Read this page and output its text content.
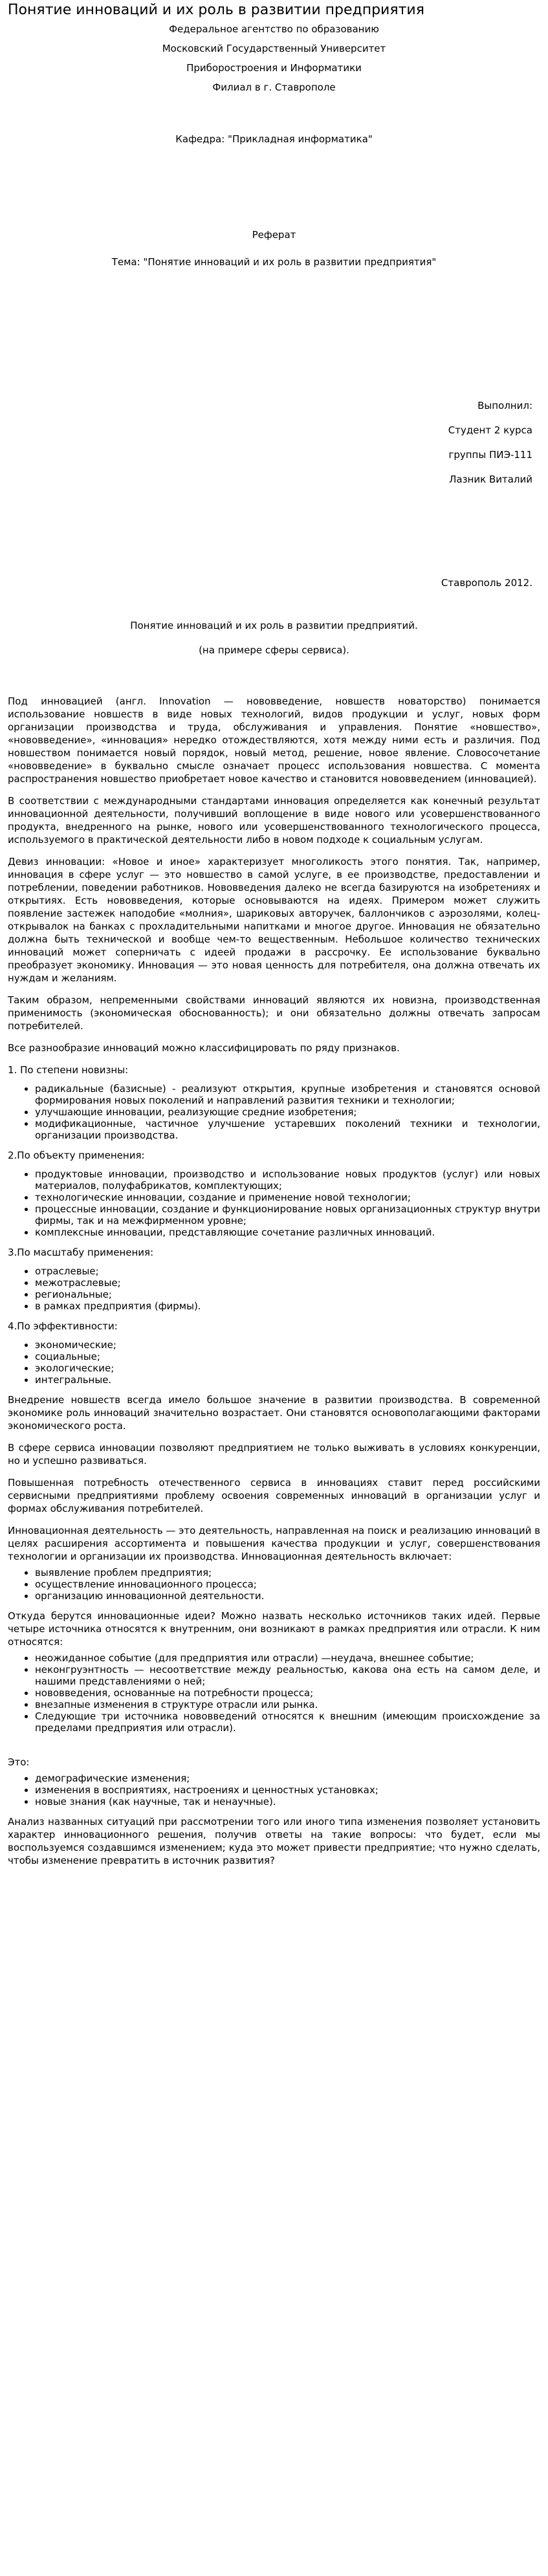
Понятие инноваций и их роль в развитии предприятия
Федеральное агентство по образованию
Московский Государственный Университет
Приборостроения и Информатики
Филиал в г. Ставрополе
Кафедра: "Прикладная информатика"
Реферат
Тема: "Понятие инноваций и их роль в развитии предприятия"
Выполнил:
Студент 2 курса
группы ПИЭ-111
Лазник Виталий
Ставрополь 2012.
Понятие инноваций и их роль в развитии предприятий.
(на примере сферы сервиса).

Под инновацией (англ. Innovation — нововведение, новшеств новаторство) понимается использование новшеств в виде новых технологий, видов продукции и услуг, новых форм организации производства и труда, обслуживания и управления. Понятие «новшество», «нововведение», «инновация» нередко отождествляются, хотя между ними есть и различия. Под новшеством понимается новый порядок, новый метод, решение, новое явление. Словосочетание «нововведение» в буквально смысле означает процесс использования новшества. С момента распространения новшество приобретает новое качество и становится нововведением (инновацией).

В соответствии с международными стандартами инновация определяется как конечный результат инновационной деятельности, получивший воплощение в виде нового или усовершенствованного продукта, внедренного на рынке, нового или усовершенствованного технологического процесса, используемого в практической деятельности либо в новом подходе к социальным услугам.

Девиз инновации: «Новое и иное» характеризует многоликость этого понятия. Так, например, инновация в сфере услуг — это новшество в самой услуге, в ее производстве, предоставлении и потреблении, поведении работников. Нововведения далеко не всегда базируются на изобретениях и открытиях. Есть нововведения, которые основываются на идеях. Примером может служить появление застежек наподобие «молния», шариковых авторучек, баллончиков с аэрозолями, колец-открывалок на банках с прохладительными напитками и многое другое. Инновация не обязательно должна быть технической и вообще чем-то вещественным. Небольшое количество технических инноваций может соперничать с идеей продажи в рассрочку. Ее использование буквально преобразует экономику. Инновация — это новая ценность для потребителя, она должна отвечать их нуждам и желаниям.

Таким образом, непременными свойствами инноваций являются их новизна, производственная применимость (экономическая обоснованность); и они обязательно должны отвечать запросам потребителей.

Все разнообразие инноваций можно классифицировать по ряду признаков.

1. По степени новизны:
• радикальные (базисные) - реализуют открытия, крупные изобретения и становятся основой формирования новых поколений и направлений развития техники и технологии;
• улучшающие инновации, реализующие средние изобретения;
• модификационные, частичное улучшение устаревших поколений техники и технологии, организации производства.
2.По объекту применения:
• продуктовые инновации, производство и использование новых продуктов (услуг) или новых материалов, полуфабрикатов, комплектующих;
• технологические инновации, создание и применение новой технологии;
• процессные инновации, создание и функционирование новых организационных структур внутри фирмы, так и на межфирменном уровне;
• комплексные инновации, представляющие сочетание различных инноваций.
3.По масштабу применения:
• отраслевые;
• межотраслевые;
• региональные;
• в рамках предприятия (фирмы).
4.По эффективности:
• экономические;
• социальные;
• экологические;
• интегральные.

Внедрение новшеств всегда имело большое значение в развитии производства. В современной экономике роль инноваций значительно возрастает. Они становятся основополагающими факторами экономического роста.

В сфере сервиса инновации позволяют предприятием не только выживать в условиях конкуренции, но и успешно развиваться.

Повышенная потребность отечественного сервиса в инновациях ставит перед российскими сервисными предприятиями проблему освоения современных инноваций в организации услуг и формах обслуживания потребителей.

Инновационная деятельность — это деятельность, направленная на поиск и реализацию инноваций в целях расширения ассортимента и повышения качества продукции и услуг, совершенствования технологии и организации их производства. Инновационная деятельность включает:

• выявление проблем предприятия;
• осуществление инновационного процесса;
• организацию инновационной деятельности.

Откуда берутся инновационные идеи? Можно назвать несколько источников таких идей. Первые четыре источника относятся к внутренним, они возникают в рамках предприятия или отрасли. К ним относятся:

• неожиданное событие (для предприятия или отрасли) —неудача, внешнее событие;
• неконгруэнтность — несоответствие между реальностью, какова она есть на самом деле, и нашими представлениями о ней;
• нововведения, основанные на потребности процесса;
• внезапные изменения в структуре отрасли или рынка.
• Следующие три источника нововведений относятся к внешним (имеющим происхождение за пределами предприятия или отрасли).

Это:

• демографические изменения;
• изменения в восприятиях, настроениях и ценностных установках;
• новые знания (как научные, так и ненаучные).

Анализ названных ситуаций при рассмотрении того или иного типа изменения позволяет установить характер инновационного решения, получив ответы на такие вопросы: что будет, если мы воспользуемся создавшимся изменением; куда это может привести предприятие; что нужно сделать, чтобы изменение превратить в источник развития?
